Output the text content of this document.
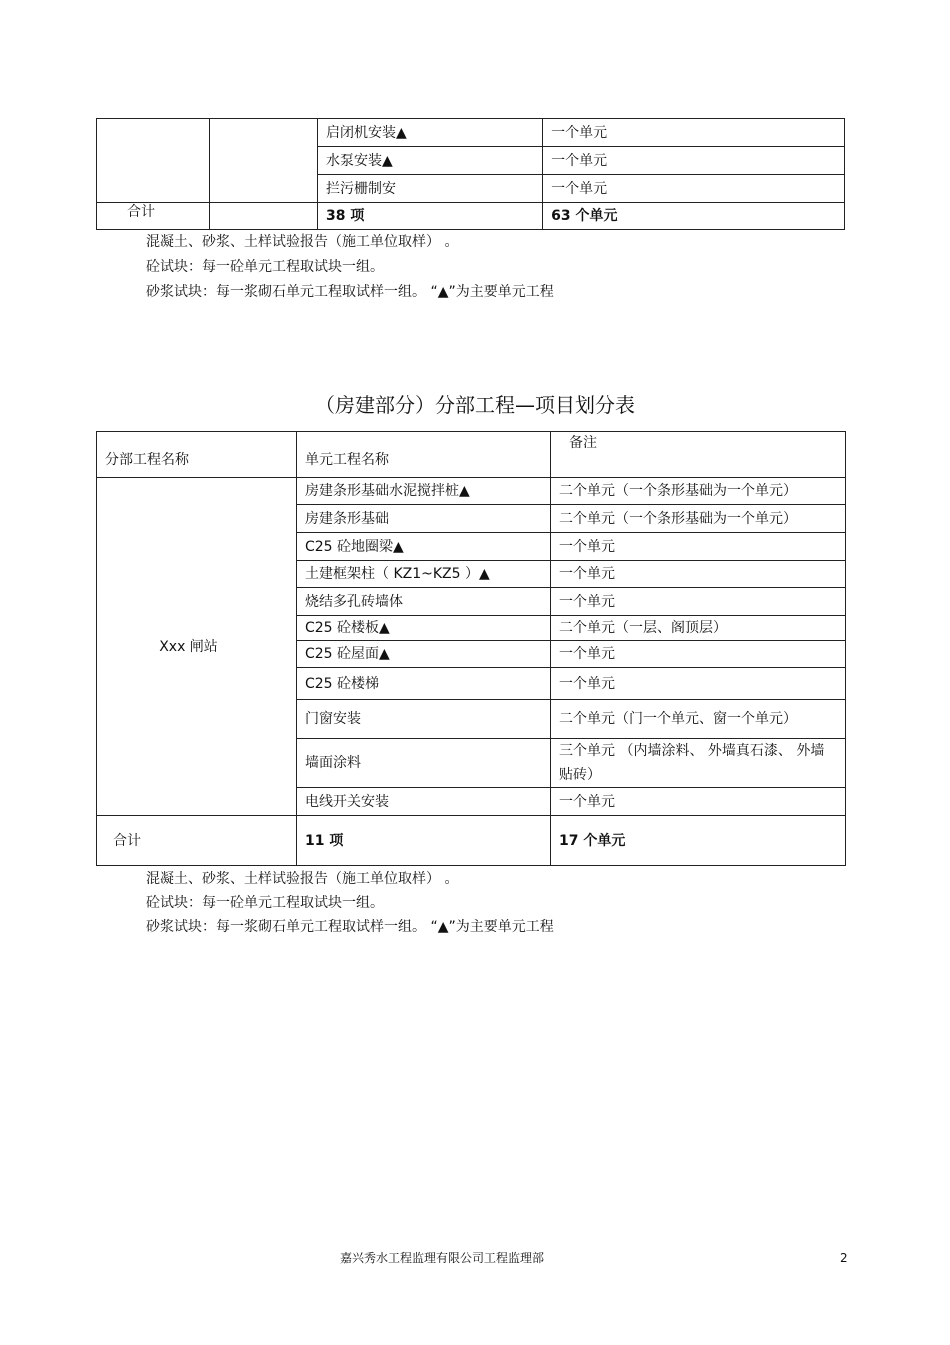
		启闭机安装▲	一个单元
		水泵安装▲	一个单元
		拦污栅制安	一个单元
合计		38 项	63 个单元
混凝土、砂浆、土样试验报告（施工单位取样） 。
砼试块：每一砼单元工程取试块一组。
砂浆试块：每一浆砌石单元工程取试样一组。 “▲”为主要单元工程
（房建部分）分部工程—项目划分表
分部工程名称	单元工程名称	备注
Xxx 闸站	房建条形基础水泥搅拌桩▲	二个单元（一个条形基础为一个单元）
	房建条形基础	二个单元（一个条形基础为一个单元）
	C25 砼地圈梁▲	一个单元
	土建框架柱（ KZ1~KZ5 ）▲	一个单元
	烧结多孔砖墙体	一个单元
	C25 砼楼板▲	二个单元（一层、阁顶层）
	C25 砼屋面▲	一个单元
	C25 砼楼梯	一个单元
	门窗安装	二个单元（门一个单元、窗一个单元）
	墙面涂料	三个单元 （内墙涂料、 外墙真石漆、 外墙贴砖）
	电线开关安装	一个单元
合计	11 项	17 个单元
混凝土、砂浆、土样试验报告（施工单位取样） 。
砼试块：每一砼单元工程取试块一组。
砂浆试块：每一浆砌石单元工程取试样一组。 “▲”为主要单元工程
嘉兴秀水工程监理有限公司工程监理部	2
